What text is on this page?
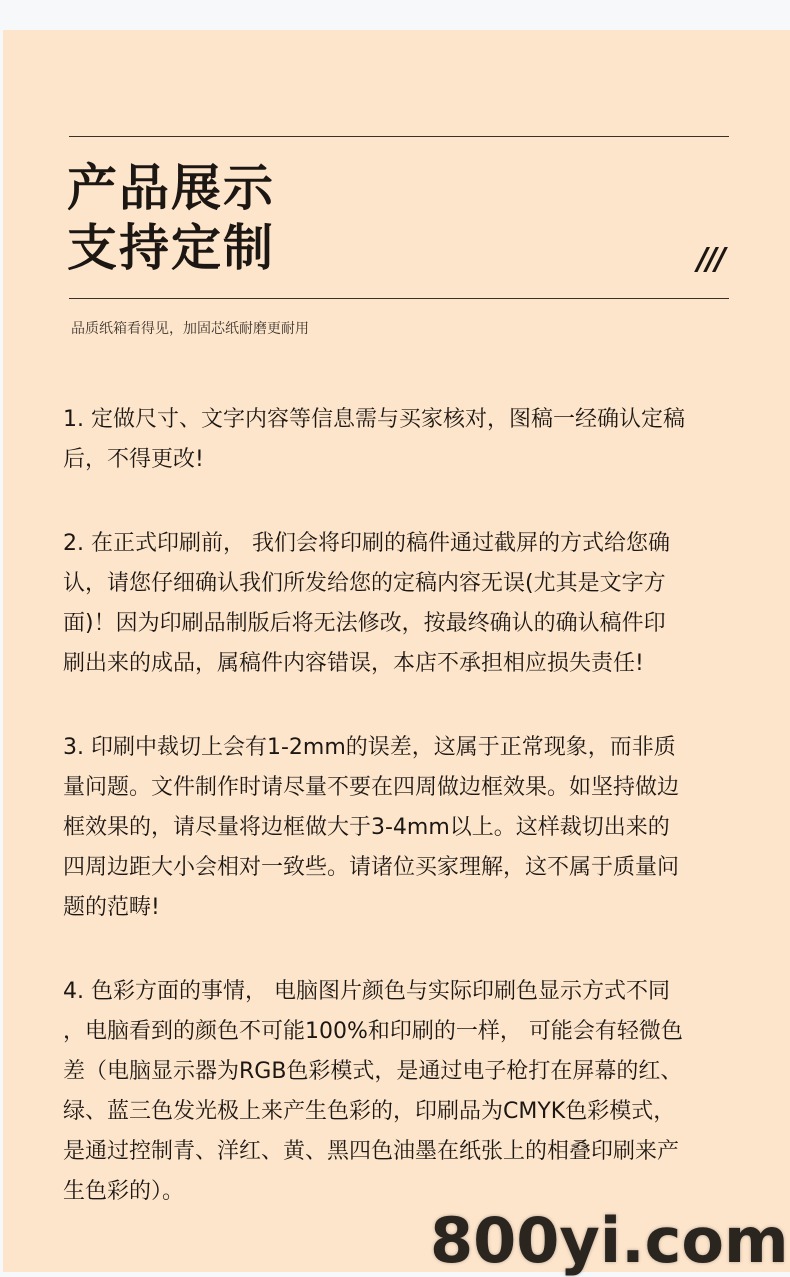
产品展示
支持定制	///
品质纸箱看得见，加固芯纸耐磨更耐用
1. 定做尺寸、文字内容等信息需与买家核对，图稿一经确认定稿
后，不得更改!
2. 在正式印刷前， 我们会将印刷的稿件通过截屏的方式给您确
认，请您仔细确认我们所发给您的定稿内容无误(尤其是文字方
面)！因为印刷品制版后将无法修改，按最终确认的确认稿件印
刷出来的成品，属稿件内容错误，本店不承担相应损失责任!
3. 印刷中裁切上会有1-2mm的误差，这属于正常现象，而非质
量问题。文件制作时请尽量不要在四周做边框效果。如坚持做边
框效果的，请尽量将边框做大于3-4mm以上。这样裁切出来的
四周边距大小会相对一致些。请诸位买家理解，这不属于质量问
题的范畴!
4. 色彩方面的事情， 电脑图片颜色与实际印刷色显示方式不同
，电脑看到的颜色不可能100%和印刷的一样， 可能会有轻微色
差（电脑显示器为RGB色彩模式，是通过电子枪打在屏幕的红、
绿、蓝三色发光极上来产生色彩的，印刷品为CMYK色彩模式，
是通过控制青、洋红、黄、黑四色油墨在纸张上的相叠印刷来产
生色彩的）。
800yi.com
